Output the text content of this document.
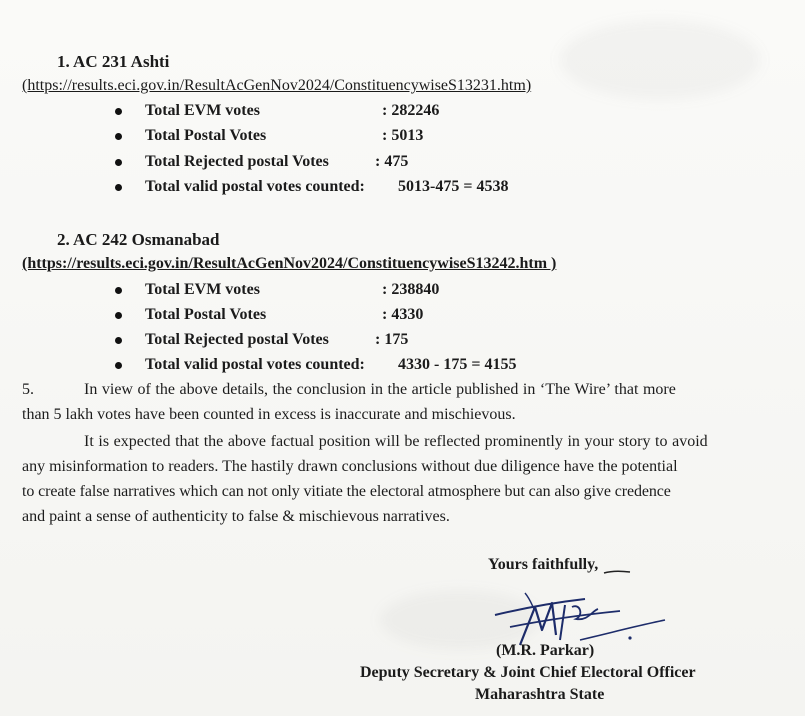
1. AC 231 Ashti
(https://results.eci.gov.in/ResultAcGenNov2024/ConstituencywiseS13231.htm)
Total EVM votes	: 282246
Total Postal Votes	: 5013
Total Rejected postal Votes	: 475
Total valid postal votes counted: 5013-475 = 4538
2. AC 242 Osmanabad
(https://results.eci.gov.in/ResultAcGenNov2024/ConstituencywiseS13242.htm )
Total EVM votes	: 238840
Total Postal Votes	: 4330
Total Rejected postal Votes	: 175
Total valid postal votes counted: 4330 - 175 = 4155
5.	In view of the above details, the conclusion in the article published in ‘The Wire’ that more
than 5 lakh votes have been counted in excess is inaccurate and mischievous.
It is expected that the above factual position will be reflected prominently in your story to avoid
any misinformation to readers. The hastily drawn conclusions without due diligence have the potential
to create false narratives which can not only vitiate the electoral atmosphere but can also give credence
and paint a sense of authenticity to false & mischievous narratives.
Yours faithfully,
(M.R. Parkar)
Deputy Secretary & Joint Chief Electoral Officer
Maharashtra State
